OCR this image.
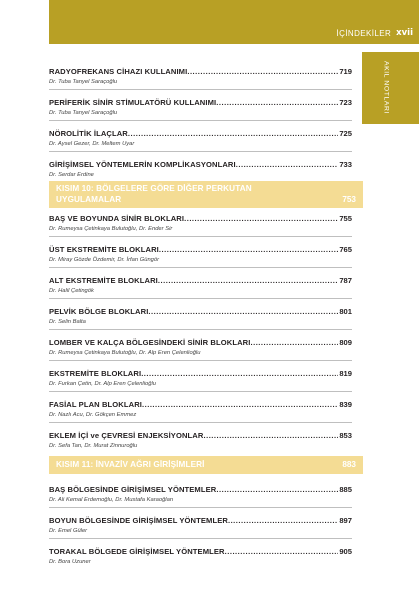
İÇİNDEKİLER xvii
AKIL NOTLARI
RADYOFREKANS CİHAZI KULLANIMI .....	719
Dr. Tuba Tanyel Saraçoğlu
PERİFERİK SİNİR STİMULATÖRÜ KULLANIMI .....	723
Dr. Tuba Tanyel Saraçoğlu
NÖROLİTİK İLAÇLAR .....	725
Dr. Aysel Gezer, Dr. Meltem Uyar
GİRİŞİMSEL YÖNTEMLERİN KOMPLİKASYONLARI .....	733
Dr. Serdar Erdine
KISIM 10: BÖLGELERE GÖRE DİĞER PERKUTAN
UYGULAMALAR	753
BAŞ VE BOYUNDA SİNİR BLOKLARI .....	755
Dr. Rumeysa Çetinkaya Bulutoğlu, Dr. Ender Sir
ÜST EKSTREMİTE BLOKLARI .....	765
Dr. Miray Gözde Özdemir, Dr. İrfan Güngör
ALT EKSTREMİTE BLOKLARI .....	787
Dr. Halil Çetingök
PELVİK BÖLGE BLOKLARI .....	801
Dr. Selin Balta
LOMBER VE KALÇA BÖLGESİNDEKİ SİNİR BLOKLARI .....	809
Dr. Rumeysa Çetinkaya Bulutoğlu, Dr. Alp Eren Çelenlioğlu
EKSTREMİTE BLOKLARI .....	819
Dr. Furkan Çetin, Dr. Alp Eren Çelenlioğlu
FASİAL PLAN BLOKLARI .....	839
Dr. Nazlı Acu, Dr. Gökçen Emmez
EKLEM İÇİ ve ÇEVRESİ ENJEKSİYONLAR .....	853
Dr. Sefa Tan, Dr. Murat Zinnuroğlu
KISIM 11: İNVAZİV AĞRI GİRİŞİMLERİ	883
BAŞ BÖLGESİNDE GİRİŞİMSEL YÖNTEMLER .....	885
Dr. Ali Kemal Erdemoğlu, Dr. Mustafa Karaoğlan
BOYUN BÖLGESİNDE GİRİŞİMSEL YÖNTEMLER .....	897
Dr. Emel Güler
TORAKAL BÖLGEDE GİRİŞİMSEL YÖNTEMLER .....	905
Dr. Bora Uzuner
